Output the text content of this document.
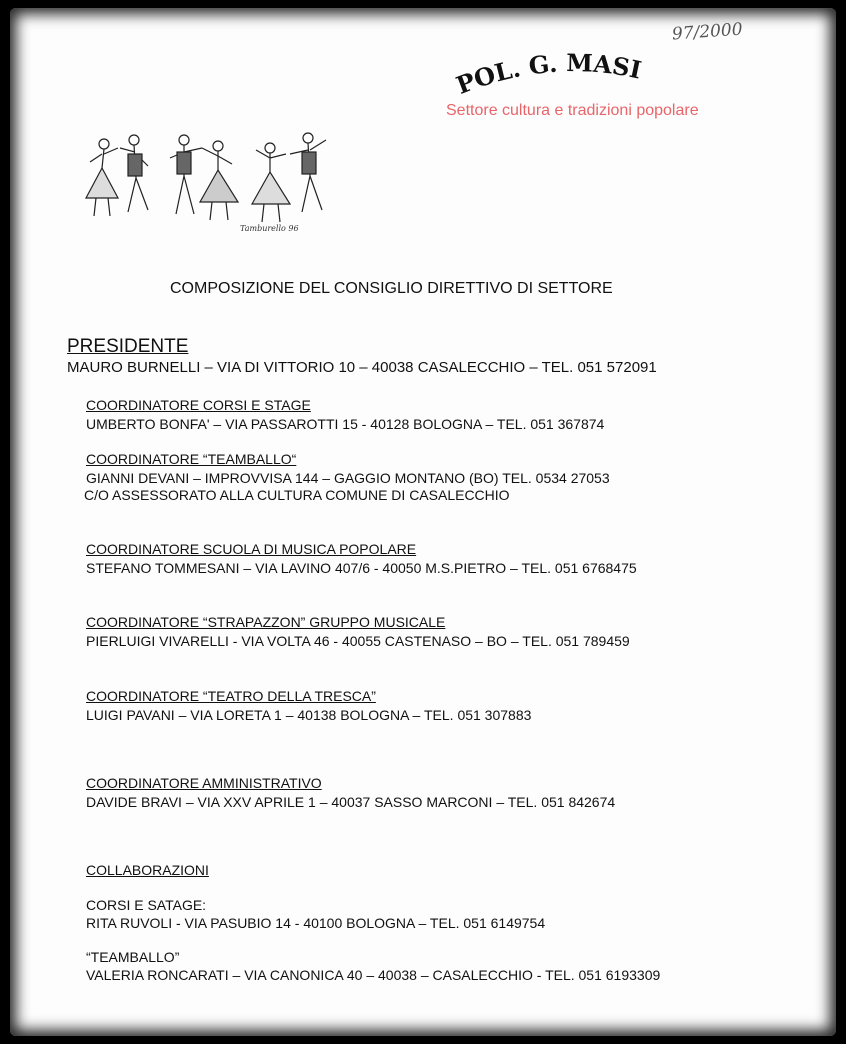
97/2000
POL. G. MASI
Settore cultura e tradizioni popolare
Tamburello 96
COMPOSIZIONE DEL CONSIGLIO DIRETTIVO DI SETTORE
PRESIDENTE
MAURO BURNELLI – VIA DI VITTORIO 10 – 40038 CASALECCHIO – TEL. 051 572091
COORDINATORE CORSI E STAGE
UMBERTO BONFA' – VIA PASSAROTTI 15 - 40128 BOLOGNA – TEL. 051 367874
COORDINATORE “TEAMBALLO“
GIANNI DEVANI – IMPROVVISA 144 – GAGGIO MONTANO (BO) TEL. 0534 27053
C/O ASSESSORATO ALLA CULTURA COMUNE DI CASALECCHIO
COORDINATORE SCUOLA DI MUSICA POPOLARE
STEFANO TOMMESANI – VIA LAVINO 407/6 - 40050 M.S.PIETRO – TEL. 051 6768475
COORDINATORE “STRAPAZZON” GRUPPO MUSICALE
PIERLUIGI VIVARELLI - VIA VOLTA 46 - 40055 CASTENASO – BO – TEL. 051 789459
COORDINATORE “TEATRO DELLA TRESCA”
LUIGI PAVANI – VIA LORETA 1 – 40138 BOLOGNA – TEL. 051 307883
COORDINATORE AMMINISTRATIVO
DAVIDE BRAVI – VIA XXV APRILE 1 – 40037 SASSO MARCONI – TEL. 051 842674
COLLABORAZIONI
CORSI E SATAGE:
RITA RUVOLI - VIA PASUBIO 14 - 40100 BOLOGNA – TEL. 051 6149754
“TEAMBALLO”
VALERIA RONCARATI – VIA CANONICA 40 – 40038 – CASALECCHIO - TEL. 051 6193309
